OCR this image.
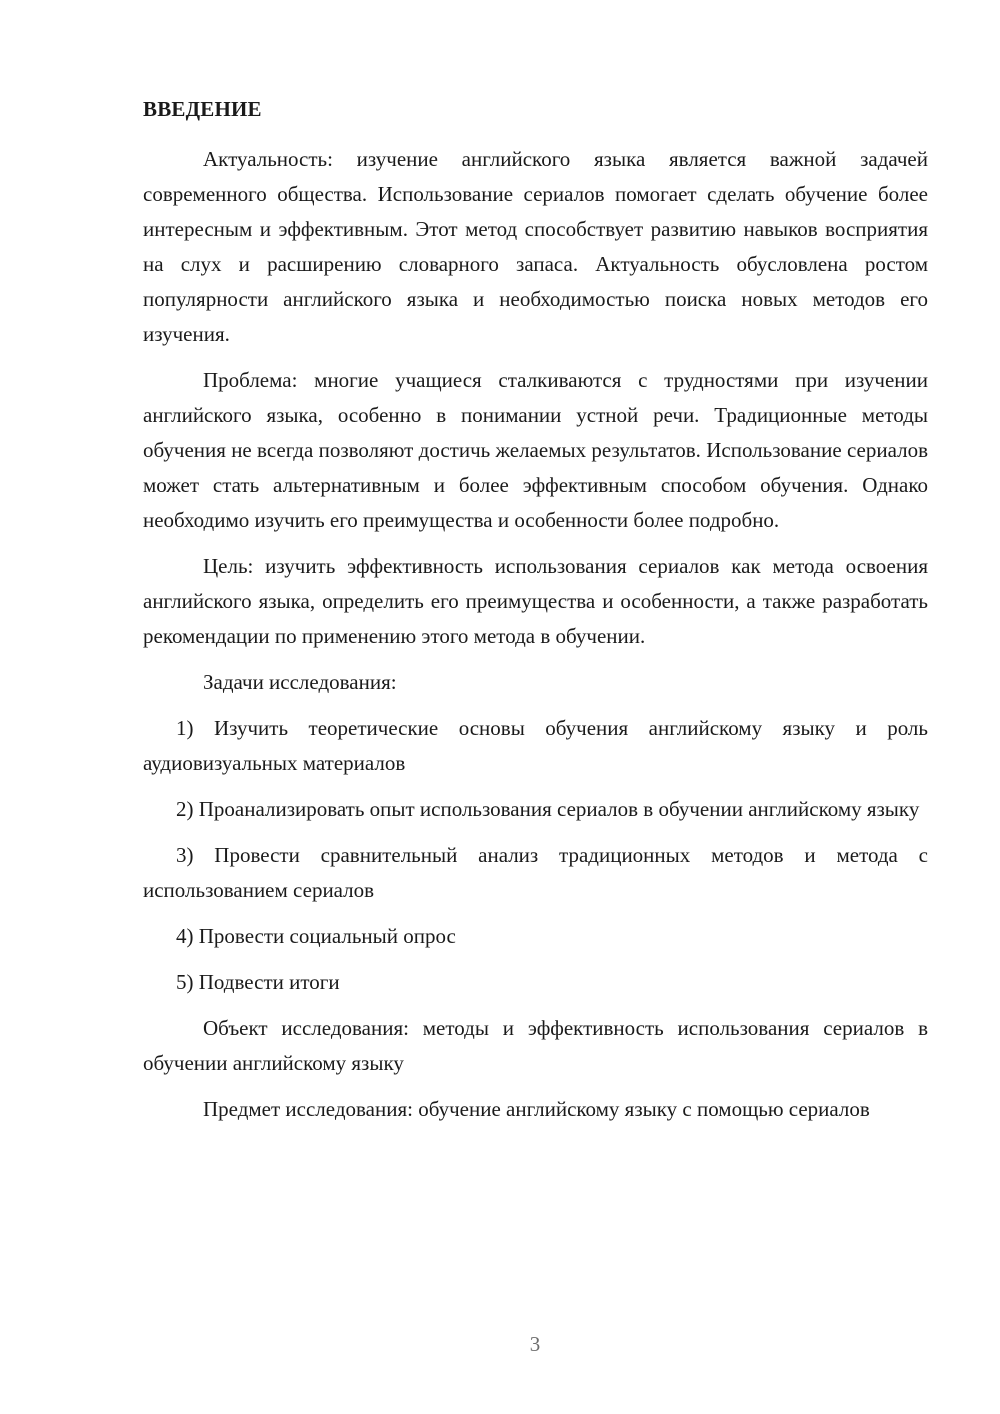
ВВЕДЕНИЕ

Актуальность: изучение английского языка является важной задачей современного общества. Использование сериалов помогает сделать обучение более интересным и эффективным. Этот метод способствует развитию навыков восприятия на слух и расширению словарного запаса. Актуальность обусловлена ростом популярности английского языка и необходимостью поиска новых методов его изучения.

Проблема: многие учащиеся сталкиваются с трудностями при изучении английского языка, особенно в понимании устной речи. Традиционные методы обучения не всегда позволяют достичь желаемых результатов. Использование сериалов может стать альтернативным и более эффективным способом обучения. Однако необходимо изучить его преимущества и особенности более подробно.

Цель: изучить эффективность использования сериалов как метода освоения английского языка, определить его преимущества и особенности, а также разработать рекомендации по применению этого метода в обучении.

Задачи исследования:

1) Изучить теоретические основы обучения английскому языку и роль аудиовизуальных материалов

2) Проанализировать опыт использования сериалов в обучении английскому языку

3) Провести сравнительный анализ традиционных методов и метода с использованием сериалов

4) Провести социальный опрос

5) Подвести итоги

Объект исследования: методы и эффективность использования сериалов в обучении английскому языку

Предмет исследования: обучение английскому языку с помощью сериалов

3
